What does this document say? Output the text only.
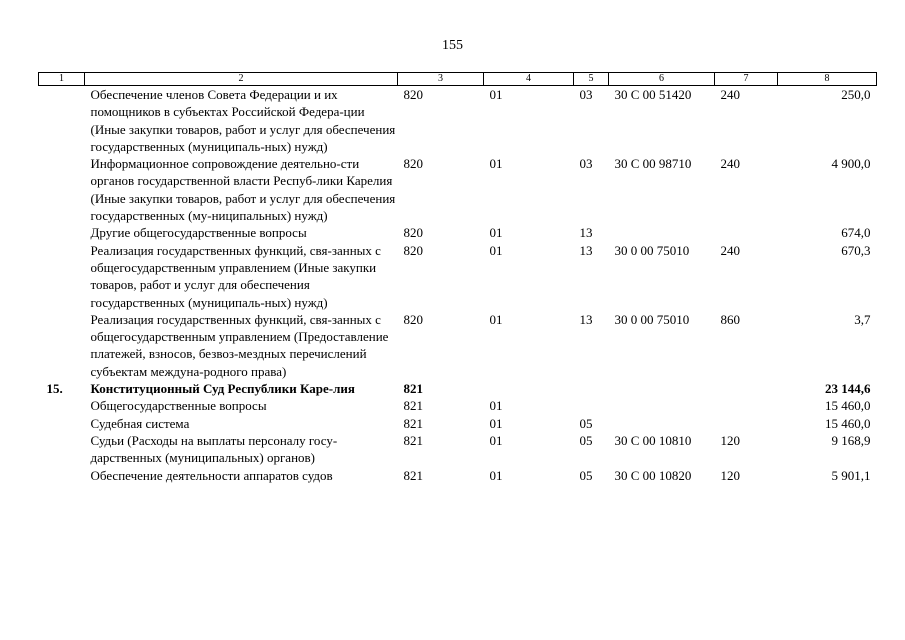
155
1	2	3	4	5	6	7	8
	Обеспечение членов Совета Федерации и их помощников в субъектах Российской Федера-ции (Иные закупки товаров, работ и услуг для обеспечения государственных (муниципаль-ных) нужд)	820	01	03	30 С 00 51420	240	250,0
	Информационное сопровождение деятельно-сти органов государственной власти Респуб-лики Карелия (Иные закупки товаров, работ и услуг для обеспечения государственных (му-ниципальных) нужд)	820	01	03	30 С 00 98710	240	4 900,0
	Другие общегосударственные вопросы	820	01	13			674,0
	Реализация государственных функций, свя-занных с общегосударственным управлением (Иные закупки товаров, работ и услуг для обеспечения государственных (муниципаль-ных) нужд)	820	01	13	30 0 00 75010	240	670,3
	Реализация государственных функций, свя-занных с общегосударственным управлением (Предоставление платежей, взносов, безвоз-мездных перечислений субъектам междуна-родного права)	820	01	13	30 0 00 75010	860	3,7
15.	Конституционный Суд Республики Каре-лия	821					23 144,6
	Общегосударственные вопросы	821	01				15 460,0
	Судебная система	821	01	05			15 460,0
	Судьи (Расходы на выплаты персоналу госу-дарственных (муниципальных) органов)	821	01	05	30 С 00 10810	120	9 168,9
	Обеспечение деятельности аппаратов судов	821	01	05	30 С 00 10820	120	5 901,1
